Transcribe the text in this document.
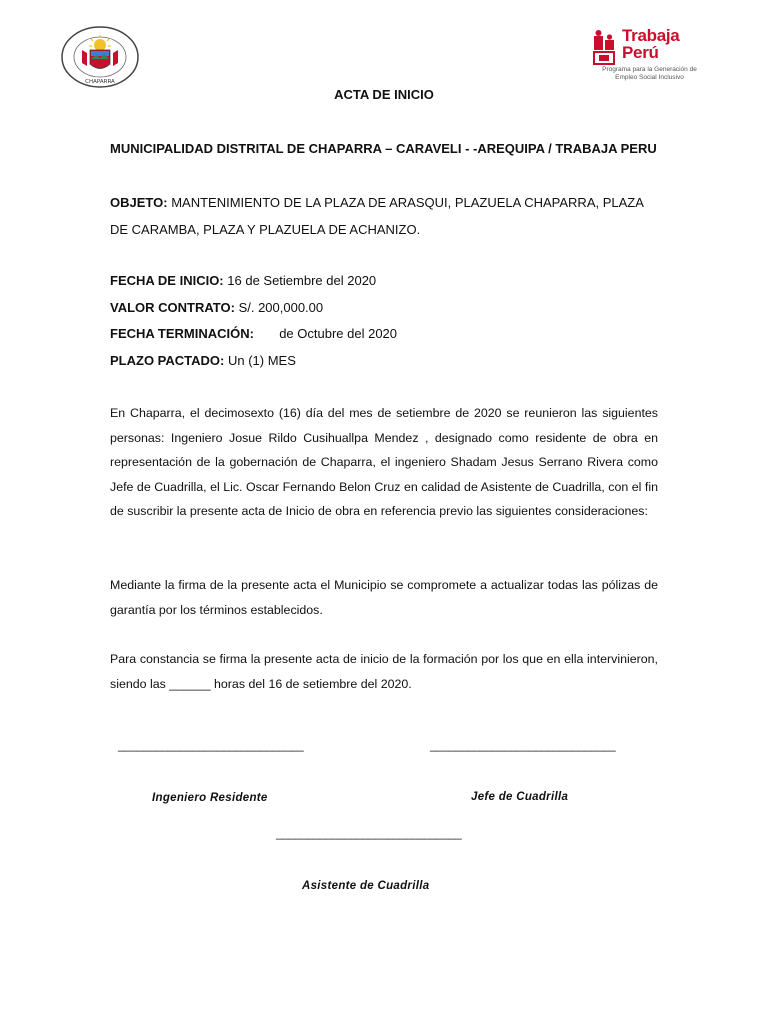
CHAPARRA
Trabaja
Perú
Programa para la Generación de Empleo Social Inclusivo
ACTA DE INICIO
MUNICIPALIDAD DISTRITAL DE CHAPARRA – CARAVELI - -AREQUIPA / TRABAJA PERU
OBJETO: MANTENIMIENTO DE LA PLAZA DE ARASQUI, PLAZUELA CHAPARRA, PLAZA DE CARAMBA, PLAZA Y PLAZUELA DE ACHANIZO.
FECHA DE INICIO: 16 de Setiembre del 2020
VALOR CONTRATO: S/. 200,000.00
FECHA TERMINACIÓN: de Octubre del 2020
PLAZO PACTADO: Un (1) MES
En Chaparra, el decimosexto (16) día del mes de setiembre de 2020 se reunieron las siguientes personas: Ingeniero Josue Rildo Cusihuallpa Mendez , designado como residente de obra en representación de la gobernación de Chaparra, el ingeniero Shadam Jesus Serrano Rivera como Jefe de Cuadrilla, el Lic. Oscar Fernando Belon Cruz en calidad de Asistente de Cuadrilla, con el fin de suscribir la presente acta de Inicio de obra en referencia previo las siguientes consideraciones:
Mediante la firma de la presente acta el Municipio se compromete a actualizar todas las pólizas de garantía por los términos establecidos.
Para constancia se firma la presente acta de inicio de la formación por los que en ella intervinieron, siendo las ______ horas del 16 de setiembre del 2020.
______________________________	______________________________
Ingeniero Residente	Jefe de Cuadrilla
______________________________
Asistente de Cuadrilla
